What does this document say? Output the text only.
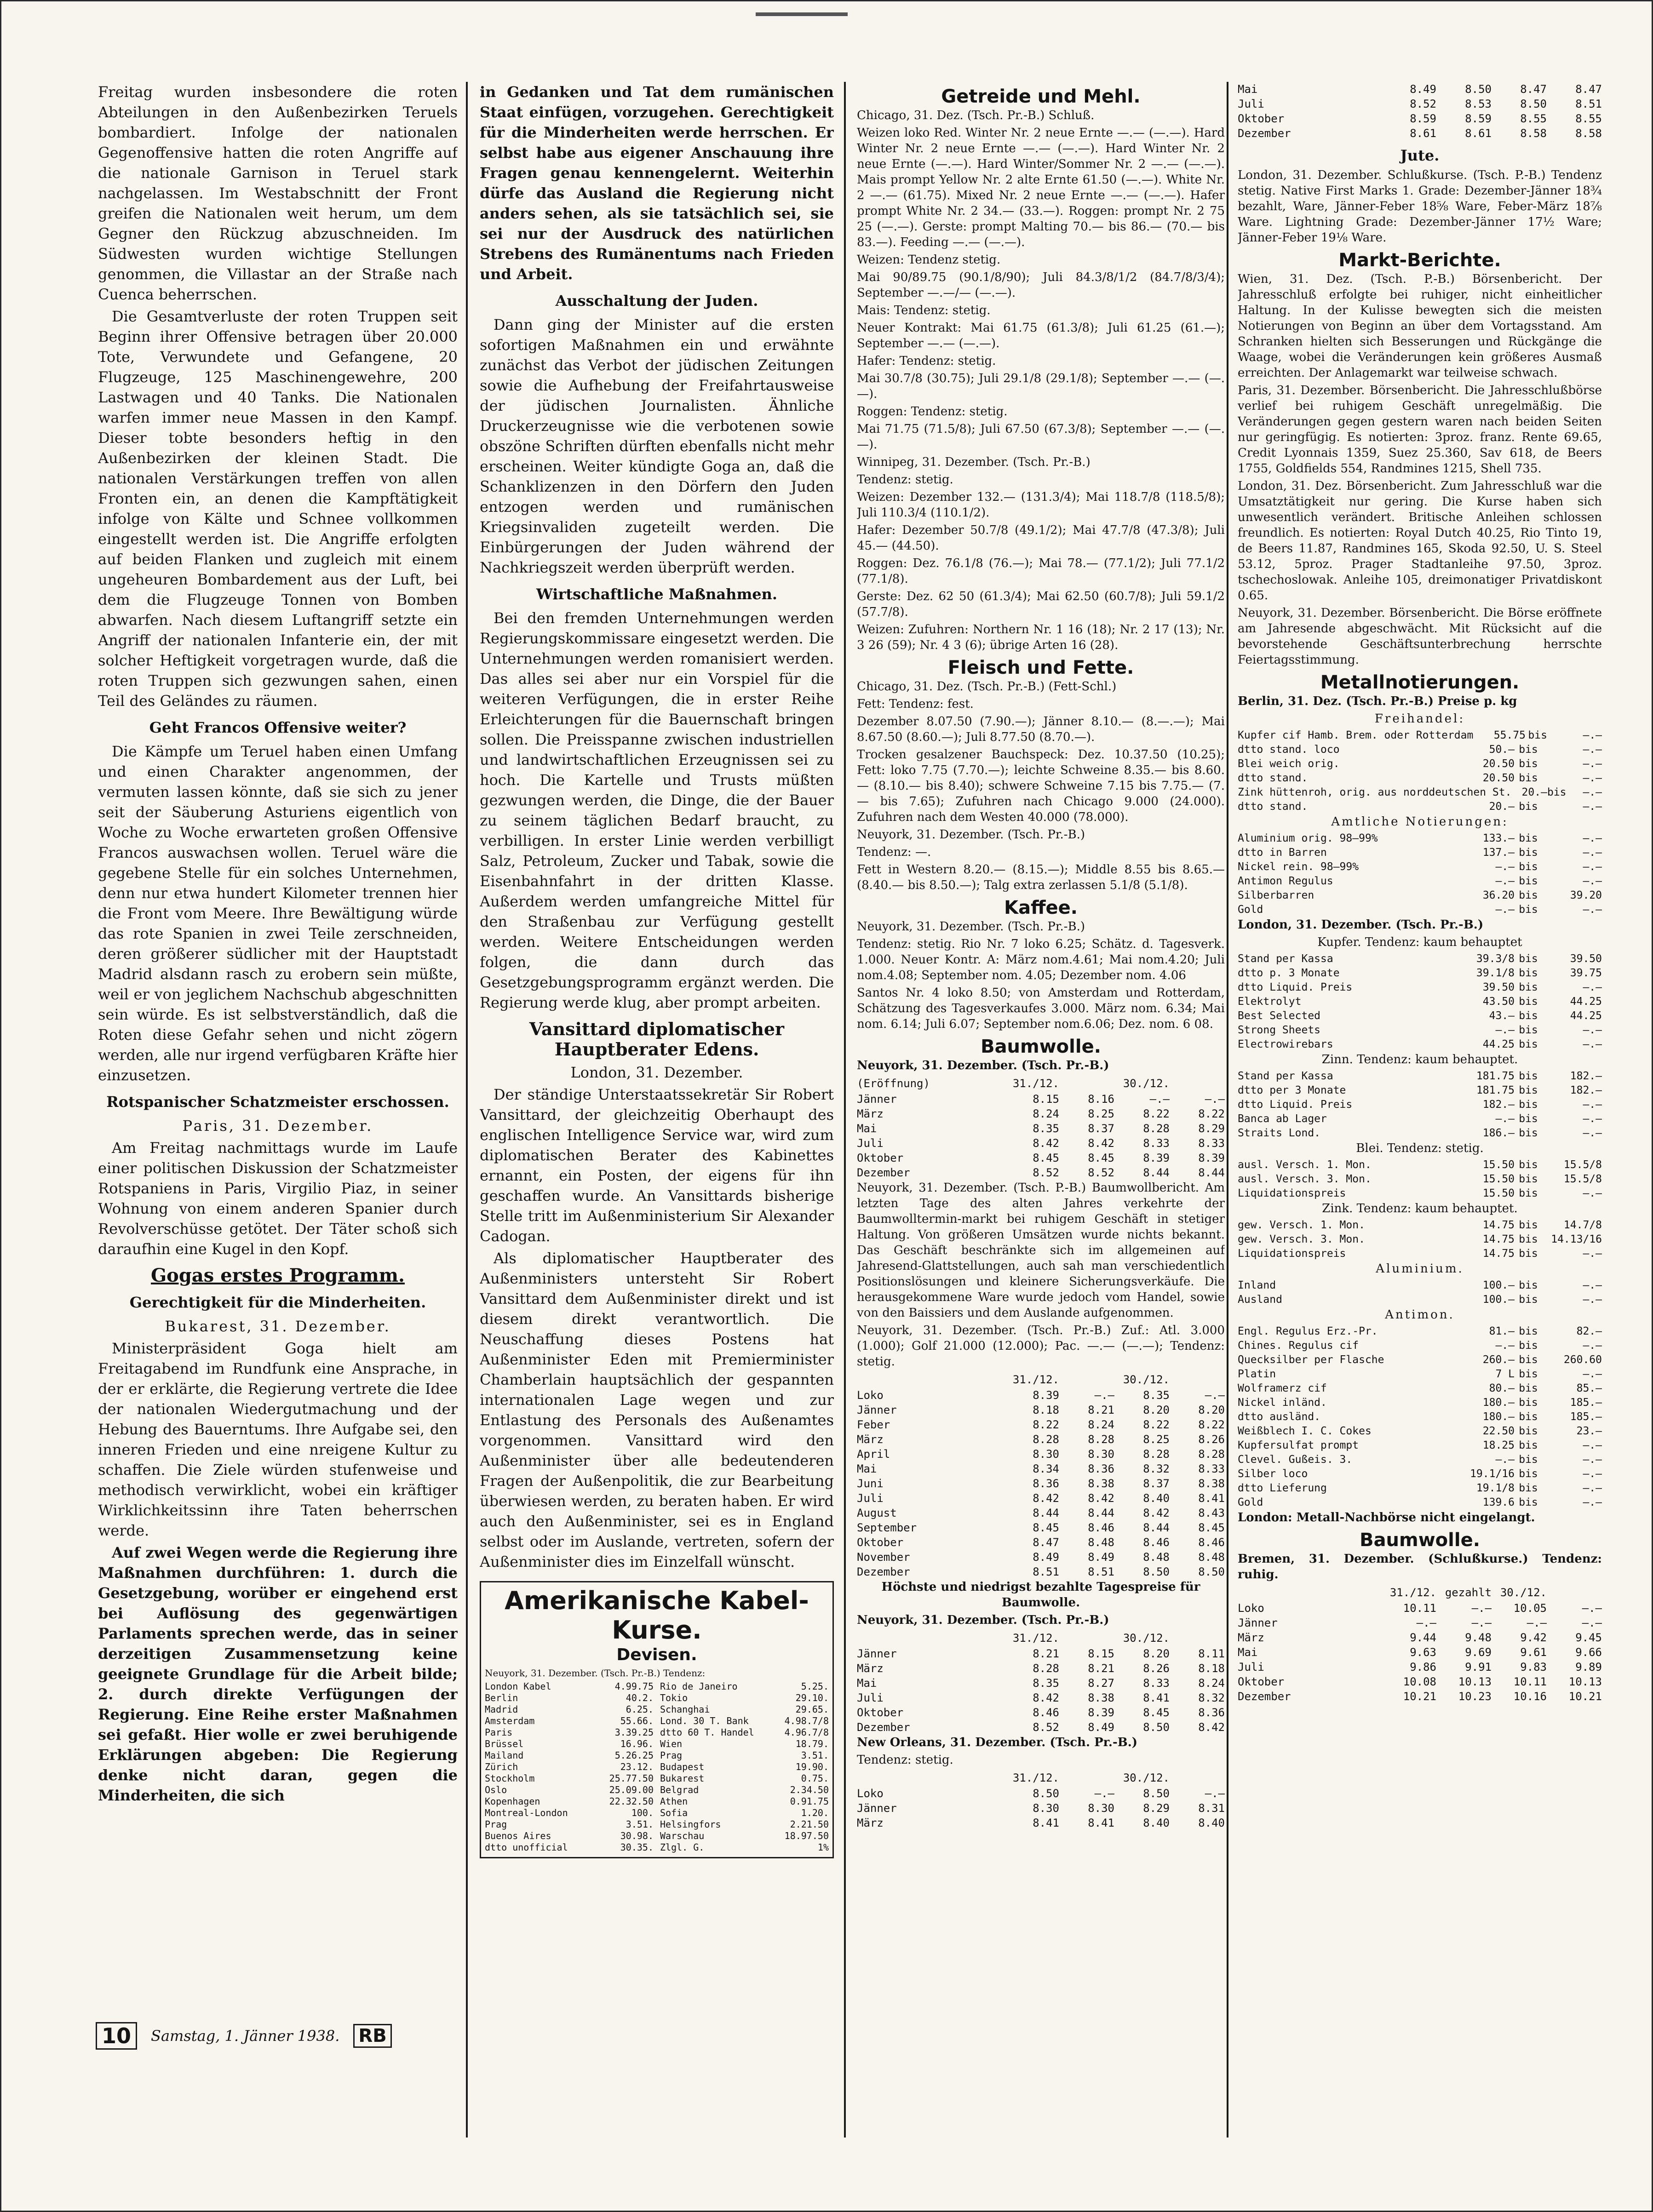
Freitag wurden insbesondere die roten Abteilungen in den Außenbezirken Teruels bombardiert. Infolge der nationalen Gegenoffensive hatten die roten Angriffe auf die nationale Garnison in Teruel stark nachgelassen. Im Westabschnitt der Front greifen die Nationalen weit herum, um dem Gegner den Rückzug abzuschneiden. Im Südwesten wurden wichtige Stellungen genommen, die Villastar an der Straße nach Cuenca beherrschen.

Die Gesamtverluste der roten Truppen seit Beginn ihrer Offensive betragen über 20.000 Tote, Verwundete und Gefangene, 20 Flugzeuge, 125 Maschinengewehre, 200 Lastwagen und 40 Tanks. Die Nationalen warfen immer neue Massen in den Kampf. Dieser tobte besonders heftig in den Außenbezirken der kleinen Stadt. Die nationalen Verstärkungen treffen von allen Fronten ein, an denen die Kampftätigkeit infolge von Kälte und Schnee vollkommen eingestellt werden ist. Die Angriffe erfolgten auf beiden Flanken und zugleich mit einem ungeheuren Bombardement aus der Luft, bei dem die Flugzeuge Tonnen von Bomben abwarfen. Nach diesem Luftangriff setzte ein Angriff der nationalen Infanterie ein, der mit solcher Heftigkeit vorgetragen wurde, daß die roten Truppen sich gezwungen sahen, einen Teil des Geländes zu räumen.

Geht Francos Offensive weiter?

Die Kämpfe um Teruel haben einen Umfang und einen Charakter angenommen, der vermuten lassen könnte, daß sie sich zu jener seit der Säuberung Asturiens eigentlich von Woche zu Woche erwarteten großen Offensive Francos auswachsen wollen. Teruel wäre die gegebene Stelle für ein solches Unternehmen, denn nur etwa hundert Kilometer trennen hier die Front vom Meere. Ihre Bewältigung würde das rote Spanien in zwei Teile zerschneiden, deren größerer südlicher mit der Hauptstadt Madrid alsdann rasch zu erobern sein müßte, weil er von jeglichem Nachschub abgeschnitten sein würde. Es ist selbstverständlich, daß die Roten diese Gefahr sehen und nicht zögern werden, alle nur irgend verfügbaren Kräfte hier einzusetzen.

Rotspanischer Schatzmeister erschossen.

Paris, 31. Dezember.

Am Freitag nachmittags wurde im Laufe einer politischen Diskussion der Schatzmeister Rotspaniens in Paris, Virgilio Piaz, in seiner Wohnung von einem anderen Spanier durch Revolverschüsse getötet. Der Täter schoß sich daraufhin eine Kugel in den Kopf.

Gogas erstes Programm.
Gerechtigkeit für die Minderheiten.

Bukarest, 31. Dezember.

Ministerpräsident Goga hielt am Freitagabend im Rundfunk eine Ansprache, in der er erklärte, die Regierung vertrete die Idee der nationalen Wiedergutmachung und der Hebung des Bauerntums. Ihre Aufgabe sei, den inneren Frieden und eine nreigene Kultur zu schaffen. Die Ziele würden stufenweise und methodisch verwirklicht, wobei ein kräftiger Wirklichkeitssinn ihre Taten beherrschen werde.

Auf zwei Wegen werde die Regierung ihre Maßnahmen durchführen: 1. durch die Gesetzgebung, worüber er eingehend erst bei Auflösung des gegenwärtigen Parlaments sprechen werde, das in seiner derzeitigen Zusammensetzung keine geeignete Grundlage für die Arbeit bilde; 2. durch direkte Verfügungen der Regierung. Eine Reihe erster Maßnahmen sei gefaßt. Hier wolle er zwei beruhigende Erklärungen abgeben: Die Regierung denke nicht daran, gegen die Minderheiten, die sich

in Gedanken und Tat dem rumänischen Staat einfügen, vorzugehen. Gerechtigkeit für die Minderheiten werde herrschen. Er selbst habe aus eigener Anschauung ihre Fragen genau kennengelernt. Weiterhin dürfe das Ausland die Regierung nicht anders sehen, als sie tatsächlich sei, sie sei nur der Ausdruck des natürlichen Strebens des Rumänentums nach Frieden und Arbeit.

Ausschaltung der Juden.

Dann ging der Minister auf die ersten sofortigen Maßnahmen ein und erwähnte zunächst das Verbot der jüdischen Zeitungen sowie die Aufhebung der Freifahrtausweise der jüdischen Journalisten. Ähnliche Druckerzeugnisse wie die verbotenen sowie obszöne Schriften dürften ebenfalls nicht mehr erscheinen. Weiter kündigte Goga an, daß die Schanklizenzen in den Dörfern den Juden entzogen werden und rumänischen Kriegsinvaliden zugeteilt werden. Die Einbürgerungen der Juden während der Nachkriegszeit werden überprüft werden.

Wirtschaftliche Maßnahmen.

Bei den fremden Unternehmungen werden Regierungskommissare eingesetzt werden. Die Unternehmungen werden romanisiert werden. Das alles sei aber nur ein Vorspiel für die weiteren Verfügungen, die in erster Reihe Erleichterungen für die Bauernschaft bringen sollen. Die Preisspanne zwischen industriellen und landwirtschaftlichen Erzeugnissen sei zu hoch. Die Kartelle und Trusts müßten gezwungen werden, die Dinge, die der Bauer zu seinem täglichen Bedarf braucht, zu verbilligen. In erster Linie werden verbilligt Salz, Petroleum, Zucker und Tabak, sowie die Eisenbahnfahrt in der dritten Klasse. Außerdem werden umfangreiche Mittel für den Straßenbau zur Verfügung gestellt werden. Weitere Entscheidungen werden folgen, die dann durch das Gesetzgebungsprogramm ergänzt werden. Die Regierung werde klug, aber prompt arbeiten.

Vansittard diplomatischer Hauptberater Edens.

London, 31. Dezember.

Der ständige Unterstaatssekretär Sir Robert Vansittard, der gleichzeitig Oberhaupt des englischen Intelligence Service war, wird zum diplomatischen Berater des Kabinettes ernannt, ein Posten, der eigens für ihn geschaffen wurde. An Vansittards bisherige Stelle tritt im Außenministerium Sir Alexander Cadogan.

Als diplomatischer Hauptberater des Außenministers untersteht Sir Robert Vansittard dem Außenminister direkt und ist diesem direkt verantwortlich. Die Neuschaffung dieses Postens hat Außenminister Eden mit Premierminister Chamberlain hauptsächlich der gespannten internationalen Lage wegen und zur Entlastung des Personals des Außenamtes vorgenommen. Vansittard wird den Außenminister über alle bedeutenderen Fragen der Außenpolitik, die zur Bearbeitung überwiesen werden, zu beraten haben. Er wird auch den Außenminister, sei es in England selbst oder im Auslande, vertreten, sofern der Außenminister dies im Einzelfall wünscht.

Amerikanische Kabel-Kurse.
Devisen.
Neuyork, 31. Dezember. (Tsch. Pr.-B.) Tendenz:
London Kabel	4.99.75 Rio de Janeiro	5.25.
Berlin	40.2. Tokio	29.10.
Madrid	6.25. Schanghai	29.65.
Amsterdam	55.66. Lond. 30 T. Bank	4.98.7/8
Paris	3.39.25 dtto 60 T. Handel	4.96.7/8
Brüssel	16.96. Wien	18.79.
Mailand	5.26.25 Prag	3.51.
Zürich	23.12. Budapest	19.90.
Stockholm	25.77.50 Bukarest	0.75.
Oslo	25.09.00 Belgrad	2.34.50
Kopenhagen	22.32.50 Athen	0.91.75
Montreal-London	100. Sofia	1.20.
Prag	3.51. Helsingfors	2.21.50
Buenos Aires	30.98. Warschau	18.97.50
dtto unofficial	30.35. Zlgl. G.	1%
Getreide und Mehl.

Chicago, 31. Dez. (Tsch. Pr.-B.) Schluß.

Weizen loko Red. Winter Nr. 2 neue Ernte —.— (—.—). Hard Winter Nr. 2 neue Ernte —.— (—.—). Hard Winter Nr. 2 neue Ernte (—.—). Hard Winter/Sommer Nr. 2 —.— (—.—). Mais prompt Yellow Nr. 2 alte Ernte 61.50 (—.—). White Nr. 2 —.— (61.75). Mixed Nr. 2 neue Ernte —.— (—.—). Hafer prompt White Nr. 2 34.— (33.—). Roggen: prompt Nr. 2 75 25 (—.—). Gerste: prompt Malting 70.— bis 86.— (70.— bis 83.—). Feeding —.— (—.—).

Weizen: Tendenz stetig.

Mai 90/89.75 (90.1/8/90); Juli 84.3/8/1/2 (84.7/8/3/4); September —.—/— (—.—).

Mais: Tendenz: stetig.

Neuer Kontrakt: Mai 61.75 (61.3/8); Juli 61.25 (61.—); September —.— (—.—).

Hafer: Tendenz: stetig.

Mai 30.7/8 (30.75); Juli 29.1/8 (29.1/8); September —.— (—.—).

Roggen: Tendenz: stetig.

Mai 71.75 (71.5/8); Juli 67.50 (67.3/8); September —.— (—.—).

Winnipeg, 31. Dezember. (Tsch. Pr.-B.)

Tendenz: stetig.

Weizen: Dezember 132.— (131.3/4); Mai 118.7/8 (118.5/8); Juli 110.3/4 (110.1/2).

Hafer: Dezember 50.7/8 (49.1/2); Mai 47.7/8 (47.3/8); Juli 45.— (44.50).

Roggen: Dez. 76.1/8 (76.—); Mai 78.— (77.1/2); Juli 77.1/2 (77.1/8).

Gerste: Dez. 62 50 (61.3/4); Mai 62.50 (60.7/8); Juli 59.1/2 (57.7/8).

Weizen: Zufuhren: Northern Nr. 1 16 (18); Nr. 2 17 (13); Nr. 3 26 (59); Nr. 4 3 (6); übrige Arten 16 (28).

Fleisch und Fette.

Chicago, 31. Dez. (Tsch. Pr.-B.) (Fett-Schl.)

Fett: Tendenz: fest.

Dezember 8.07.50 (7.90.—); Jänner 8.10.— (8.—.—); Mai 8.67.50 (8.60.—); Juli 8.77.50 (8.70.—).

Trocken gesalzener Bauchspeck: Dez. 10.37.50 (10.25); Fett: loko 7.75 (7.70.—); leichte Schweine 8.35.— bis 8.60.— (8.10.— bis 8.40); schwere Schweine 7.15 bis 7.75.— (7.— bis 7.65); Zufuhren nach Chicago 9.000 (24.000). Zufuhren nach dem Westen 40.000 (78.000).

Neuyork, 31. Dezember. (Tsch. Pr.-B.)

Tendenz: —.

Fett in Western 8.20.— (8.15.—); Middle 8.55 bis 8.65.— (8.40.— bis 8.50.—); Talg extra zerlassen 5.1/8 (5.1/8).

Kaffee.

Neuyork, 31. Dezember. (Tsch. Pr.-B.)

Tendenz: stetig. Rio Nr. 7 loko 6.25; Schätz. d. Tagesverk. 1.000. Neuer Kontr. A: März nom.4.61; Mai nom.4.20; Juli nom.4.08; September nom. 4.05; Dezember nom. 4.06

Santos Nr. 4 loko 8.50; von Amsterdam und Rotterdam, Schätzung des Tagesverkaufes 3.000. März nom. 6.34; Mai nom. 6.14; Juli 6.07; September nom.6.06; Dez. nom. 6 08.

Baumwolle.

Neuyork, 31. Dezember. (Tsch. Pr.-B.)

(Eröffnung)	31./12.	30./12.
Jänner	8.15	8.16	—.—	—.—
März	8.24	8.25	8.22	8.22
Mai	8.35	8.37	8.28	8.29
Juli	8.42	8.42	8.33	8.33
Oktober	8.45	8.45	8.39	8.39
Dezember	8.52	8.52	8.44	8.44

Neuyork, 31. Dezember. (Tsch. P.-B.) Baumwollbericht. Am letzten Tage des alten Jahres verkehrte der Baumwolltermin-markt bei ruhigem Geschäft in stetiger Haltung. Von größeren Umsätzen wurde nichts bekannt. Das Geschäft beschränkte sich im allgemeinen auf Jahresend-Glattstellungen, auch sah man verschiedentlich Positionslösungen und kleinere Sicherungsverkäufe. Die herausgekommene Ware wurde jedoch vom Handel, sowie von den Baissiers und dem Auslande aufgenommen.

Neuyork, 31. Dezember. (Tsch. Pr.-B.) Zuf.: Atl. 3.000 (1.000); Golf 21.000 (12.000); Pac. —.— (—.—); Tendenz: stetig.

31./12.	30./12.
Loko	8.39	—.—	8.35	—.—
Jänner	8.18	8.21	8.20	8.20
Feber	8.22	8.24	8.22	8.22
März	8.28	8.28	8.25	8.26
April	8.30	8.30	8.28	8.28
Mai	8.34	8.36	8.32	8.33
Juni	8.36	8.38	8.37	8.38
Juli	8.42	8.42	8.40	8.41
August	8.44	8.44	8.42	8.43
September	8.45	8.46	8.44	8.45
Oktober	8.47	8.48	8.46	8.46
November	8.49	8.49	8.48	8.48
Dezember	8.51	8.51	8.50	8.50

Höchste und niedrigst bezahlte Tagespreise für Baumwolle.

Neuyork, 31. Dezember. (Tsch. Pr.-B.)

31./12.	30./12.
Jänner	8.21	8.15	8.20	8.11
März	8.28	8.21	8.26	8.18
Mai	8.35	8.27	8.33	8.24
Juli	8.42	8.38	8.41	8.32
Oktober	8.46	8.39	8.45	8.36
Dezember	8.52	8.49	8.50	8.42

New Orleans, 31. Dezember. (Tsch. Pr.-B.)

Tendenz: stetig.

31./12.	30./12.
Loko	8.50	—.—	8.50	—.—
Jänner	8.30	8.30	8.29	8.31
März	8.41	8.41	8.40	8.40
Mai	8.49	8.50	8.47	8.47
Juli	8.52	8.53	8.50	8.51
Oktober	8.59	8.59	8.55	8.55
Dezember	8.61	8.61	8.58	8.58
Jute.

London, 31. Dezember. Schlußkurse. (Tsch. P.-B.) Tendenz stetig. Native First Marks 1. Grade: Dezember-Jänner 18¾ bezahlt, Ware, Jänner-Feber 18⅝ Ware, Feber-März 18⅞ Ware. Lightning Grade: Dezember-Jänner 17½ Ware; Jänner-Feber 19⅛ Ware.

Markt-Berichte.

Wien, 31. Dez. (Tsch. P.-B.) Börsenbericht. Der Jahresschluß erfolgte bei ruhiger, nicht einheitlicher Haltung. In der Kulisse bewegten sich die meisten Notierungen von Beginn an über dem Vortagsstand. Am Schranken hielten sich Besserungen und Rückgänge die Waage, wobei die Veränderungen kein größeres Ausmaß erreichten. Der Anlagemarkt war teilweise schwach.

Paris, 31. Dezember. Börsenbericht. Die Jahresschlußbörse verlief bei ruhigem Geschäft unregelmäßig. Die Veränderungen gegen gestern waren nach beiden Seiten nur geringfügig. Es notierten: 3proz. franz. Rente 69.65, Credit Lyonnais 1359, Suez 25.360, Sav 618, de Beers 1755, Goldfields 554, Randmines 1215, Shell 735.

London, 31. Dez. Börsenbericht. Zum Jahresschluß war die Umsatztätigkeit nur gering. Die Kurse haben sich unwesentlich verändert. Britische Anleihen schlossen freundlich. Es notierten: Royal Dutch 40.25, Rio Tinto 19, de Beers 11.87, Randmines 165, Skoda 92.50, U. S. Steel 53.12, 5proz. Prager Stadtanleihe 97.50, 3proz. tschechoslowak. Anleihe 105, dreimonatiger Privatdiskont 0.65.

Neuyork, 31. Dezember. Börsenbericht. Die Börse eröffnete am Jahresende abgeschwächt. Mit Rücksicht auf die bevorstehende Geschäftsunterbrechung herrschte Feiertagsstimmung.

Metallnotierungen.

Berlin, 31. Dez. (Tsch. Pr.-B.) Preise p. kg

Freihandel:

Kupfer cif Hamb. Brem. oder Rotterdam	55.75 bis	—.—
dtto stand. loco	50.— bis	—.—
Blei weich orig.	20.50 bis	—.—
dtto stand.	20.50 bis	—.—
Zink hüttenroh, orig. aus norddeutschen St. 20.— bis	—.—
dtto stand.	20.— bis	—.—

Amtliche Notierungen:

Aluminium orig. 98—99%	133.— bis	—.—
dtto in Barren	137.— bis	—.—
Nickel rein. 98—99%	—.— bis	—.—
Antimon Regulus	—.— bis	—.—
Silberbarren	36.20 bis	39.20
Gold	—.— bis	—.—

London, 31. Dezember. (Tsch. Pr.-B.)

Kupfer. Tendenz: kaum behauptet

Stand per Kassa	39.3/8 bis	39.50
dtto p. 3 Monate	39.1/8 bis	39.75
dtto Liquid. Preis	39.50 bis	—.—
Elektrolyt	43.50 bis	44.25
Best Selected	43.— bis	44.25
Strong Sheets	—.— bis	—.—
Electrowirebars	44.25 bis	—.—

Zinn. Tendenz: kaum behauptet.

Stand per Kassa	181.75 bis	182.—
dtto per 3 Monate	181.75 bis	182.—
dtto Liquid. Preis	182.— bis	—.—
Banca ab Lager	—.— bis	—.—
Straits Lond.	186.— bis	—.—

Blei. Tendenz: stetig.

ausl. Versch. 1. Mon.	15.50 bis	15.5/8
ausl. Versch. 3. Mon.	15.50 bis	15.5/8
Liquidationspreis	15.50 bis	—.—

Zink. Tendenz: kaum behauptet.

gew. Versch. 1. Mon.	14.75 bis	14.7/8
gew. Versch. 3. Mon.	14.75 bis	14.13/16
Liquidationspreis	14.75 bis	—.—

Aluminium.

Inland	100.— bis	—.—
Ausland	100.— bis	—.—

Antimon.

Engl. Regulus Erz.-Pr.	81.— bis	82.—
Chines. Regulus cif	—.— bis	—.—
Quecksilber per Flasche	260.— bis	260.60
Platin	7 L bis	—.—
Wolframerz cif	80.— bis	85.—
Nickel inländ.	180.— bis	185.—
dtto ausländ.	180.— bis	185.—
Weißblech I. C. Cokes	22.50 bis	23.—
Kupfersulfat prompt	18.25 bis	—.—
Clevel. Gußeis. 3.	—.— bis	—.—
Silber loco	19.1/16 bis	—.—
dtto Lieferung	19.1/8 bis	—.—
Gold	139.6 bis	—.—

London: Metall-Nachbörse nicht eingelangt.

Baumwolle.

Bremen, 31. Dezember. (Schlußkurse.) Tendenz: ruhig.

31./12. gezahlt 30./12.
Loko	10.11	—.—	10.05	—.—
Jänner	—.—	—.—	—.—	—.—
März	9.44	9.48	9.42	9.45
Mai	9.63	9.69	9.61	9.66
Juli	9.86	9.91	9.83	9.89
Oktober	10.08	10.13	10.11	10.13
Dezember	10.21	10.23	10.16	10.21
10	Samstag, 1. Jänner 1938. RB
